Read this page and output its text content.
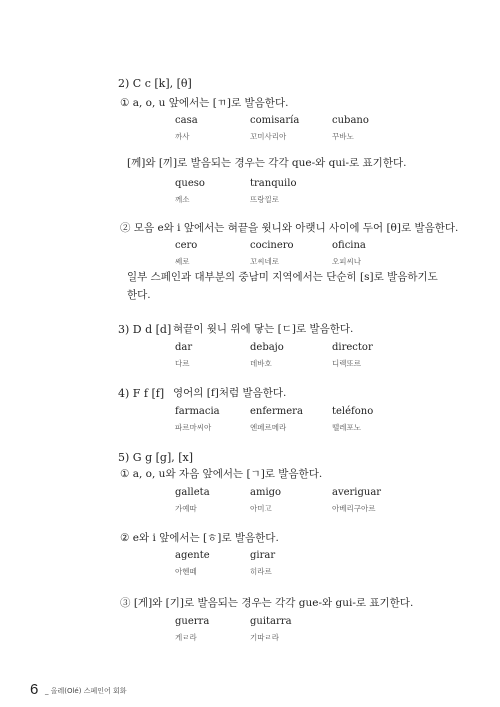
2) C c [k], [θ]
① a, o, u 앞에서는 [ㄲ]로 발음한다.
casa	comisaría	cubano
까사	꼬미사리아	꾸바노
[께]와 [끼]로 발음되는 경우는 각각 que-와 qui-로 표기한다.
queso	tranquilo
께소	뜨랑낄로
② 모음 e와 i 앞에서는 혀끝을 윗니와 아랫니 사이에 두어 [θ]로 발음한다.
cero	cocinero	oficina
쎄로	꼬씨네로	오피씨나
일부 스페인과 대부분의 중남미 지역에서는 단순히 [s]로 발음하기도
한다.
3) D d [d] 혀끝이 윗니 위에 닿는 [ㄷ]로 발음한다.
dar	debajo	director
다르	데바호	디렉또르
4) F f [f] 영어의 [f]처럼 발음한다.
farmacia	enfermera	teléfono
파르마씨아	엔페르메라	뗄레포노
5) G g [g], [x]
① a, o, u와 자음 앞에서는 [ㄱ]로 발음한다.
galleta	amigo	averiguar
가예따	아미고	아베리구아르
② e와 i 앞에서는 [ㅎ]로 발음한다.
agente	girar
아헨떼	히라르
③ [게]와 [기]로 발음되는 경우는 각각 gue-와 gui-로 표기한다.
guerra	guitarra
게ㄹ라	기따ㄹ라
6 _ 올레(Olé) 스페인어 회화
